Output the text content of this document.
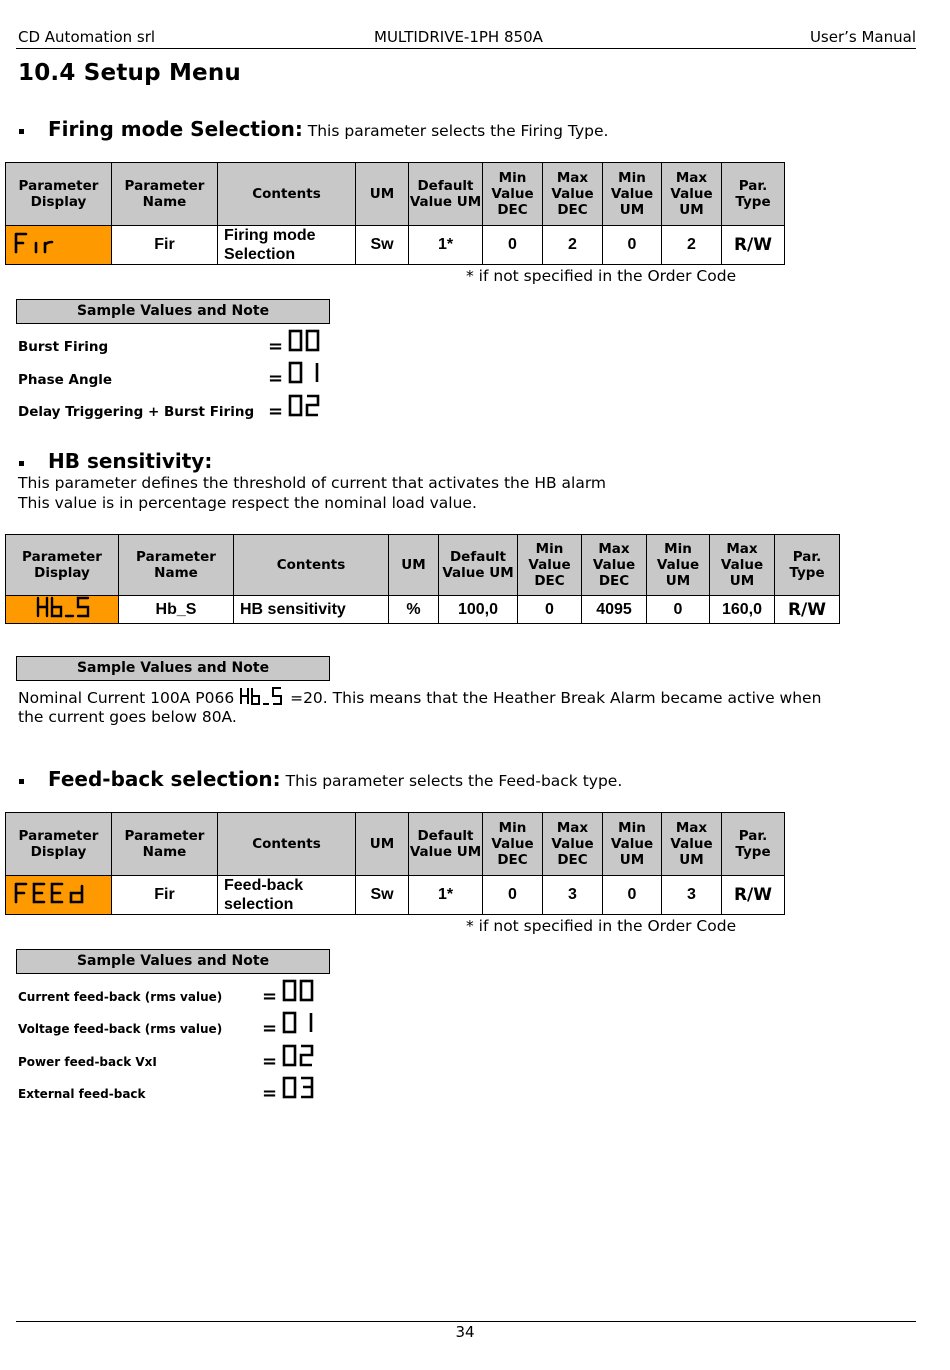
CD Automation srl	MULTIDRIVE-1PH 850A	User’s Manual
10.4 Setup Menu
Firing mode Selection: This parameter selects the Firing Type.
Parameter Display	Parameter Name	Contents	UM	Default Value UM	Min Value DEC	Max Value DEC	Min Value UM	Max Value UM	Par. Type
	Fir	Firing mode Selection	Sw	1*	0	2	0	2	R/W
* if not specified in the Order Code
Sample Values and Note
Burst Firing	=
Phase Angle	=
Delay Triggering + Burst Firing =
HB sensitivity:
This parameter defines the threshold of current that activates the HB alarm
This value is in percentage respect the nominal load value.
Parameter Display	Parameter Name	Contents	UM	Default Value UM	Min Value DEC	Max Value DEC	Min Value UM	Max Value UM	Par. Type
	Hb_S	HB sensitivity	%	100,0	0	4095	0	160,0	R/W
Sample Values and Note
Nominal Current 100A P066	=20. This means that the Heather Break Alarm became active when
the current goes below 80A.
Feed-back selection: This parameter selects the Feed-back type.
Parameter Display	Parameter Name	Contents	UM	Default Value UM	Min Value DEC	Max Value DEC	Min Value UM	Max Value UM	Par. Type
	Fir	Feed-back selection	Sw	1*	0	3	0	3	R/W
* if not specified in the Order Code
Sample Values and Note
Current feed-back (rms value) =
Voltage feed-back (rms value) =
Power feed-back VxI	=
External feed-back	=
34
